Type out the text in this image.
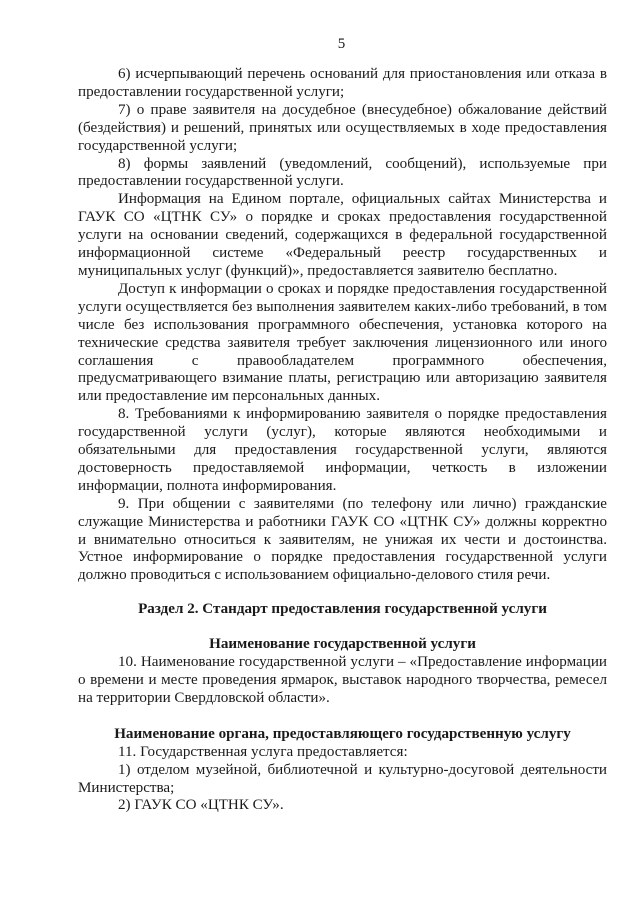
5

6) исчерпывающий перечень оснований для приостановления или отказа в предоставлении государственной услуги;

7) о праве заявителя на досудебное (внесудебное) обжалование действий (бездействия) и решений, принятых или осуществляемых в ходе предоставления государственной услуги;

8) формы заявлений (уведомлений, сообщений), используемые при предоставлении государственной услуги.

Информация на Едином портале, официальных сайтах Министерства и ГАУК СО «ЦТНК СУ» о порядке и сроках предоставления государственной услуги на основании сведений, содержащихся в федеральной государственной информационной системе «Федеральный реестр государственных и муниципальных услуг (функций)», предоставляется заявителю бесплатно.

Доступ к информации о сроках и порядке предоставления государственной услуги осуществляется без выполнения заявителем каких-либо требований, в том числе без использования программного обеспечения, установка которого на технические средства заявителя требует заключения лицензионного или иного соглашения с правообладателем программного обеспечения, предусматривающего взимание платы, регистрацию или авторизацию заявителя или предоставление им персональных данных.

8. Требованиями к информированию заявителя о порядке предоставления государственной услуги (услуг), которые являются необходимыми и обязательными для предоставления государственной услуги, являются достоверность предоставляемой информации, четкость в изложении информации, полнота информирования.

9. При общении с заявителями (по телефону или лично) гражданские служащие Министерства и работники ГАУК СО «ЦТНК СУ» должны корректно и внимательно относиться к заявителям, не унижая их чести и достоинства. Устное информирование о порядке предоставления государственной услуги должно проводиться с использованием официально-делового стиля речи.

Раздел 2. Стандарт предоставления государственной услуги
Наименование государственной услуги

10. Наименование государственной услуги – «Предоставление информации о времени и месте проведения ярмарок, выставок народного творчества, ремесел на территории Свердловской области».

Наименование органа, предоставляющего государственную услугу

11. Государственная услуга предоставляется:

1) отделом музейной, библиотечной и культурно-досуговой деятельности Министерства;

2) ГАУК СО «ЦТНК СУ».
